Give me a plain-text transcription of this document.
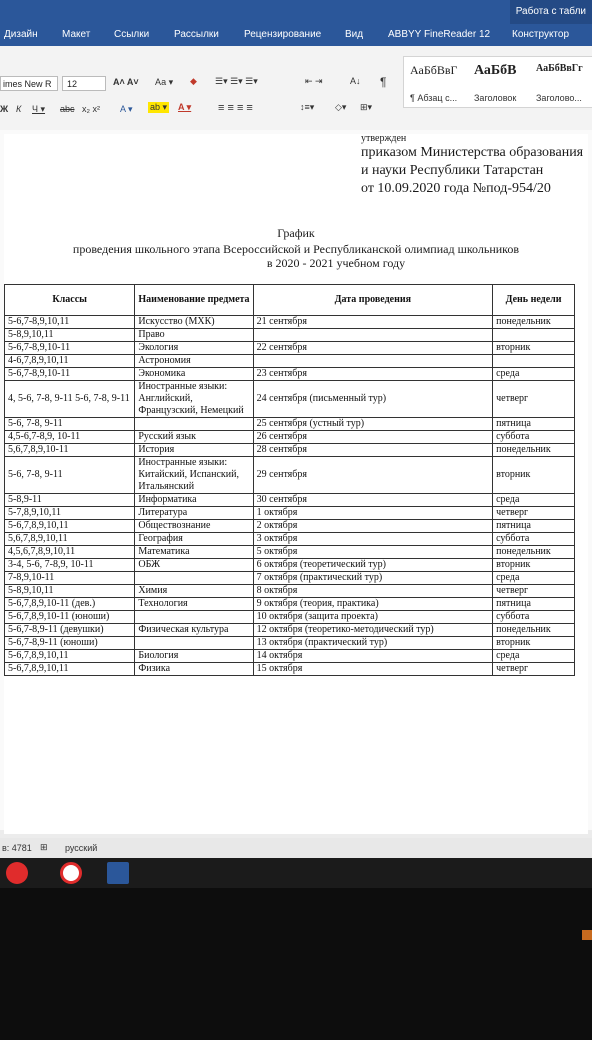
Работа с табли
Дизайн Макет Ссылки Рассылки	Рецензирование Вид ABBYY FineReader 12 Конструктор
imes New R	12	A˄ A˅ Аа ▾ ◆ ☰▾ ☰▾ ☰▾	⇤ ⇥	A↓ ¶
Ж К Ч ▾ abc x₂ x² A ▾ ab ▾ A ▾ ≡ ≡ ≡ ≡	↕≡▾ ◇▾ ⊞▾
АаБбВвГ АаБбВ АаБбВвГг
¶ Абзац с... Заголовок Заголово...
утвержден
приказом Министерства образования
и науки Республики Татарстан
от 10.09.2020 года №под-954/20
График
проведения школьного этапа Всероссийской и Республиканской олимпиад школьников
в 2020 - 2021 учебном году
Классы	Наименование предмета	Дата проведения	День недели
5-6,7-8,9,10,11	Искусство (МХК)	21 сентября	понедельник
5-8,9,10,11	Право		
5-6,7-8,9,10-11	Экология	22 сентября	вторник
4-6,7,8,9,10,11	Астрономия		
5-6,7-8,9,10-11	Экономика	23 сентября	среда
4, 5-6, 7-8, 9-11 5-6, 7-8, 9-11	Иностранные языки: Английский, Французский, Немецкий	24 сентября (письменный тур)	четверг
5-6, 7-8, 9-11		25 сентября (устный тур)	пятница
4,5-6,7-8,9, 10-11	Русский язык	26 сентября	суббота
5,6,7,8,9,10-11	История	28 сентября	понедельник
5-6, 7-8, 9-11	Иностранные языки: Китайский, Испанский, Итальянский	29 сентября	вторник
5-8,9-11	Информатика	30 сентября	среда
5-7,8,9,10,11	Литература	1 октября	четверг
5-6,7,8,9,10,11	Обществознание	2 октября	пятница
5,6,7,8,9,10,11	География	3 октября	суббота
4,5,6,7,8,9,10,11	Математика	5 октября	понедельник
3-4, 5-6, 7-8,9, 10-11	ОБЖ	6 октября (теоретический тур)	вторник
7-8,9,10-11		7 октября (практический тур)	среда
5-8,9,10,11	Химия	8 октября	четверг
5-6,7,8,9,10-11 (дев.)	Технология	9 октября (теория, практика)	пятница
5-6,7,8,9,10-11 (юноши)		10 октября (защита проекта)	суббота
5-6,7-8,9-11 (девушки)	Физическая культура	12 октября (теоретико-методический тур)	понедельник
5-6,7-8,9-11 (юноши)		13 октября (практический тур)	вторник
5-6,7,8,9,10,11	Биология	14 октября	среда
5-6,7,8,9,10,11	Физика	15 октября	четверг
в: 4781 ⊞ русский
